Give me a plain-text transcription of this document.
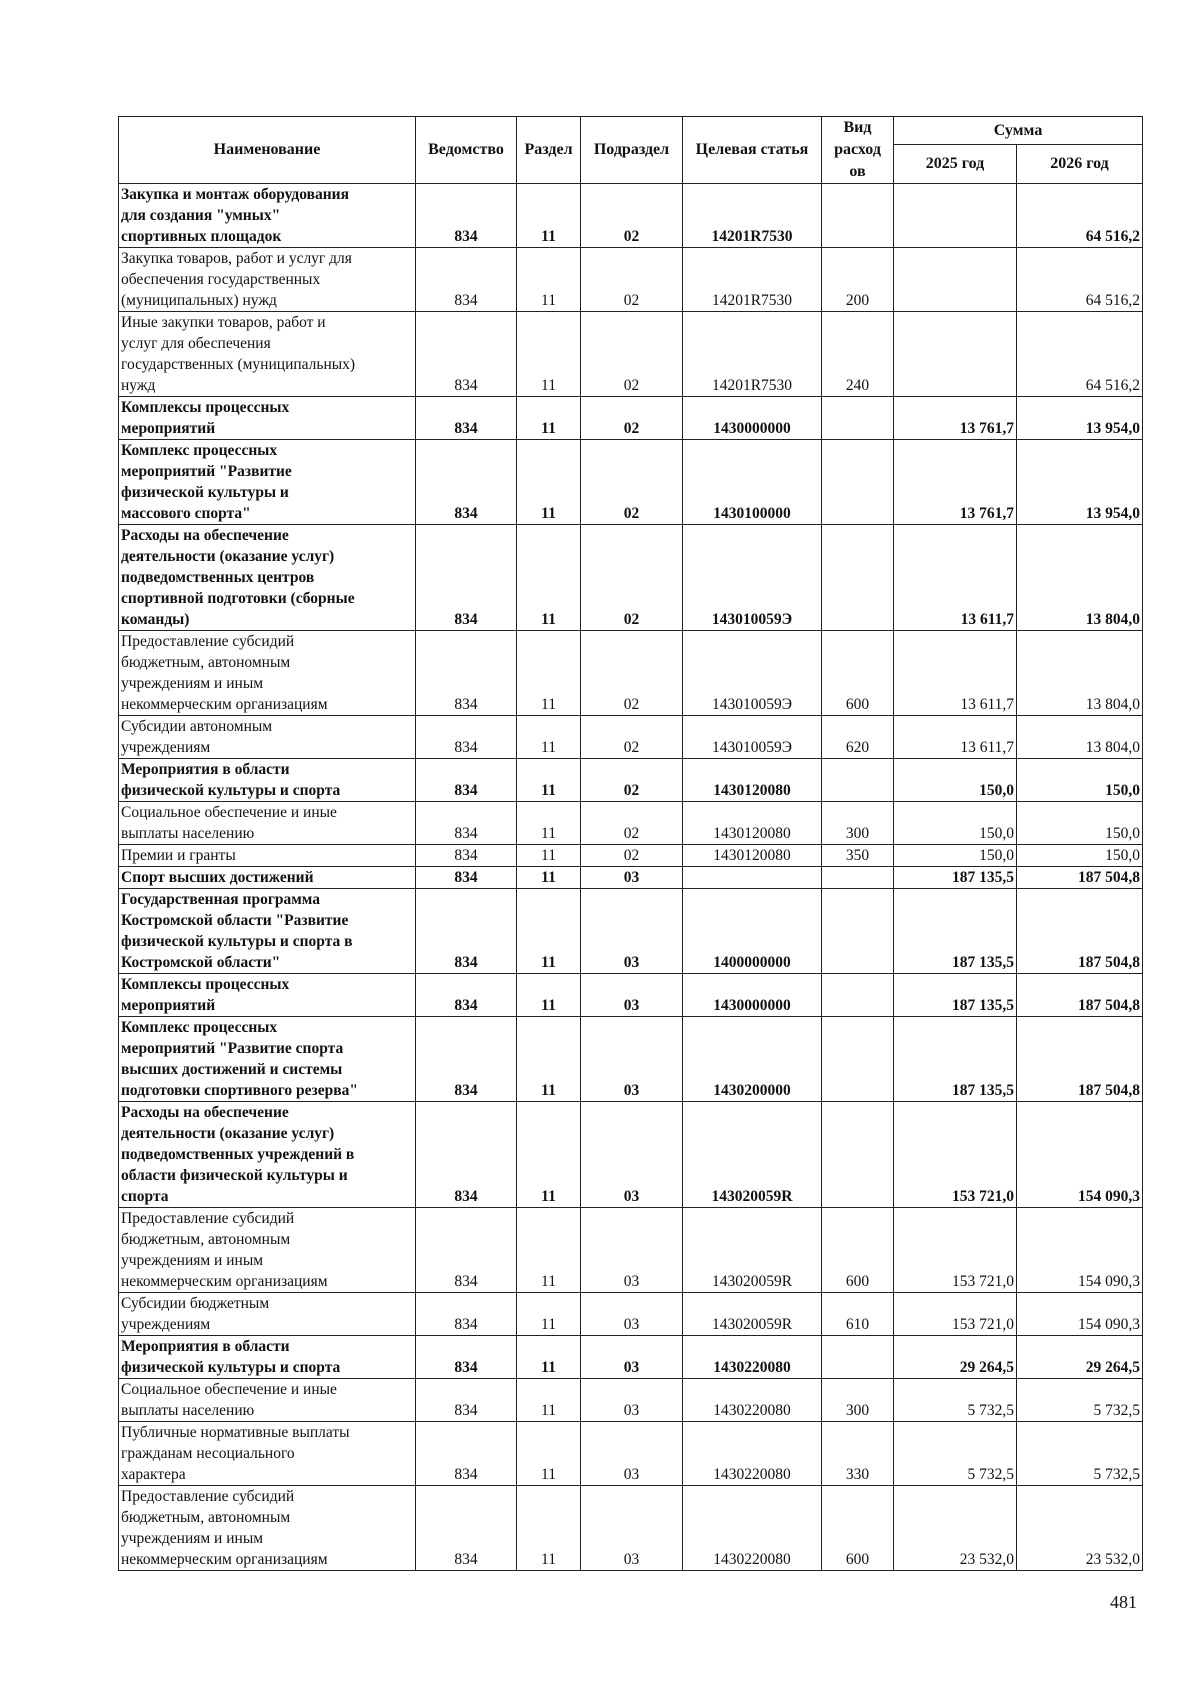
Наименование	Ведомство	Раздел	Подраздел	Целевая статья	Вид расход ов	Сумма	
						2025 год	2026 год
Закупка и монтаж оборудования
для создания "умных"
спортивных площадок	834	11	02	14201R7530			64 516,2
Закупка товаров, работ и услуг для
обеспечения государственных
(муниципальных) нужд	834	11	02	14201R7530	200		64 516,2
Иные закупки товаров, работ и
услуг для обеспечения
государственных (муниципальных)
нужд	834	11	02	14201R7530	240		64 516,2
Комплексы процессных
мероприятий	834	11	02	1430000000		13 761,7	13 954,0
Комплекс процессных
мероприятий "Развитие
физической культуры и
массового спорта"	834	11	02	1430100000		13 761,7	13 954,0
Расходы на обеспечение
деятельности (оказание услуг)
подведомственных центров
спортивной подготовки (сборные
команды)	834	11	02	143010059Э		13 611,7	13 804,0
Предоставление субсидий
бюджетным, автономным
учреждениям и иным
некоммерческим организациям	834	11	02	143010059Э	600	13 611,7	13 804,0
Субсидии автономным
учреждениям	834	11	02	143010059Э	620	13 611,7	13 804,0
Мероприятия в области
физической культуры и спорта	834	11	02	1430120080		150,0	150,0
Социальное обеспечение и иные
выплаты населению	834	11	02	1430120080	300	150,0	150,0
Премии и гранты	834	11	02	1430120080	350	150,0	150,0
Спорт высших достижений	834	11	03			187 135,5	187 504,8
Государственная программа
Костромской области "Развитие
физической культуры и спорта в
Костромской области"	834	11	03	1400000000		187 135,5	187 504,8
Комплексы процессных
мероприятий	834	11	03	1430000000		187 135,5	187 504,8
Комплекс процессных
мероприятий "Развитие спорта
высших достижений и системы
подготовки спортивного резерва"	834	11	03	1430200000		187 135,5	187 504,8
Расходы на обеспечение
деятельности (оказание услуг)
подведомственных учреждений в
области физической культуры и
спорта	834	11	03	143020059R		153 721,0	154 090,3
Предоставление субсидий
бюджетным, автономным
учреждениям и иным
некоммерческим организациям	834	11	03	143020059R	600	153 721,0	154 090,3
Субсидии бюджетным
учреждениям	834	11	03	143020059R	610	153 721,0	154 090,3
Мероприятия в области
физической культуры и спорта	834	11	03	1430220080		29 264,5	29 264,5
Социальное обеспечение и иные
выплаты населению	834	11	03	1430220080	300	5 732,5	5 732,5
Публичные нормативные выплаты
гражданам несоциального
характера	834	11	03	1430220080	330	5 732,5	5 732,5
Предоставление субсидий
бюджетным, автономным
учреждениям и иным
некоммерческим организациям	834	11	03	1430220080	600	23 532,0	23 532,0
481
